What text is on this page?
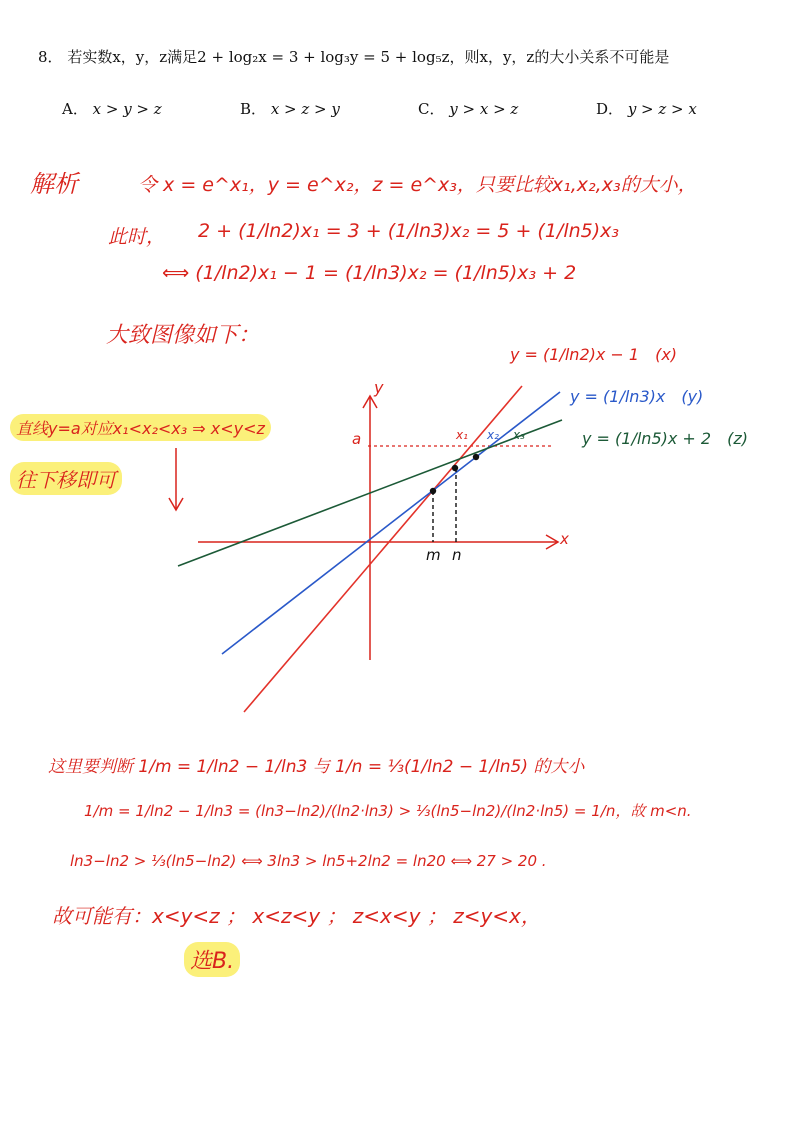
8． 若实数x，y，z满足2 + log₂x = 3 + log₃y = 5 + log₅z，则x，y，z的大小关系不可能是
A． x > y > z	B． x > z > y	C． y > x > z	D． y > z > x
解析	令 x = e^x₁，y = e^x₂，z = e^x₃，只要比较x₁,x₂,x₃的大小，
此时， 2 + (1/ln2)x₁ = 3 + (1/ln3)x₂ = 5 + (1/ln5)x₃
⟺ (1/ln2)x₁ − 1 = (1/ln3)x₂ = (1/ln5)x₃ + 2
大致图像如下：
y
x
a	x₁ x₂ x₃
m n
y = (1/ln2)x − 1　(x)
y = (1/ln3)x　(y)
y = (1/ln5)x + 2　(z)
直线y=a对应x₁<x₂<x₃ ⇒ x<y<z
往下移即可
这里要判断 1/m = 1/ln2 − 1/ln3 与 1/n = ⅓(1/ln2 − 1/ln5) 的大小
1/m = 1/ln2 − 1/ln3 = (ln3−ln2)/(ln2·ln3) > ⅓(ln5−ln2)/(ln2·ln5) = 1/n，故 m<n.
ln3−ln2 > ⅓(ln5−ln2) ⟺ 3ln3 > ln5+2ln2 = ln20 ⟺ 27 > 20 .
故可能有：x<y<z ； x<z<y ； z<x<y ； z<y<x，
选B.
